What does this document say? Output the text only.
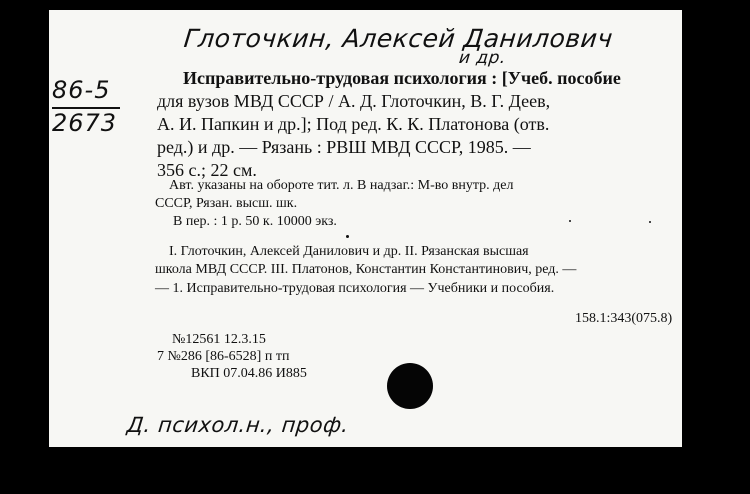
Глоточкин, Алексей Данилович
и др.
86-5
2673
Исправительно-трудовая психология : [Учеб. пособие
для вузов МВД СССР / А. Д. Глоточкин, В. Г. Деев,
А. И. Папкин и др.]; Под ред. К. К. Платонова (отв.
ред.) и др. — Рязань : РВШ МВД СССР, 1985. —
356 с.; 22 см.
Авт. указаны на обороте тит. л. В надзаг.: М-во внутр. дел
СССР, Рязан. высш. шк.
В пер. : 1 р. 50 к. 10000 экз.
I. Глоточкин, Алексей Данилович и др. II. Рязанская высшая
школа МВД СССР. III. Платонов, Константин Константинович, ред. —
— 1. Исправительно-трудовая психология — Учебники и пособия.
158.1:343(075.8)
№12561 12.3.15
7 №286 [86-6528] п тп
ВКП 07.04.86 И885
Д. психол.н., проф.
